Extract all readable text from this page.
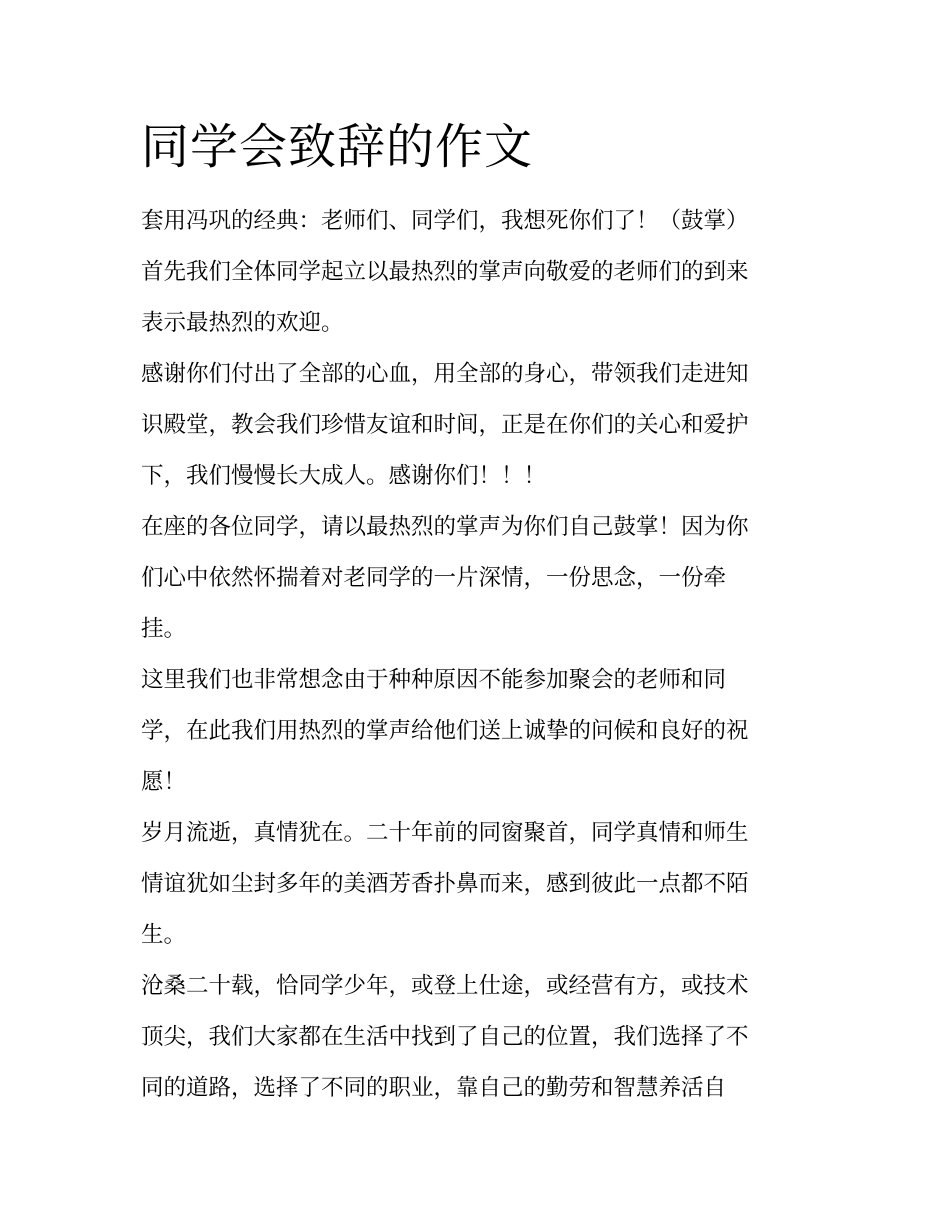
同学会致辞的作文

套用冯巩的经典：老师们、同学们，我想死你们了！（鼓掌）

首先我们全体同学起立以最热烈的掌声向敬爱的老师们的到来
表示最热烈的欢迎。

感谢你们付出了全部的心血，用全部的身心，带领我们走进知
识殿堂，教会我们珍惜友谊和时间，正是在你们的关心和爱护
下，我们慢慢长大成人。感谢你们！！！

在座的各位同学，请以最热烈的掌声为你们自己鼓掌！因为你
们心中依然怀揣着对老同学的一片深情，一份思念，一份牵
挂。

这里我们也非常想念由于种种原因不能参加聚会的老师和同
学，在此我们用热烈的掌声给他们送上诚挚的问候和良好的祝
愿！

岁月流逝，真情犹在。二十年前的同窗聚首，同学真情和师生
情谊犹如尘封多年的美酒芳香扑鼻而来，感到彼此一点都不陌
生。

沧桑二十载，恰同学少年，或登上仕途，或经营有方，或技术
顶尖，我们大家都在生活中找到了自己的位置，我们选择了不
同的道路，选择了不同的职业，靠自己的勤劳和智慧养活自
